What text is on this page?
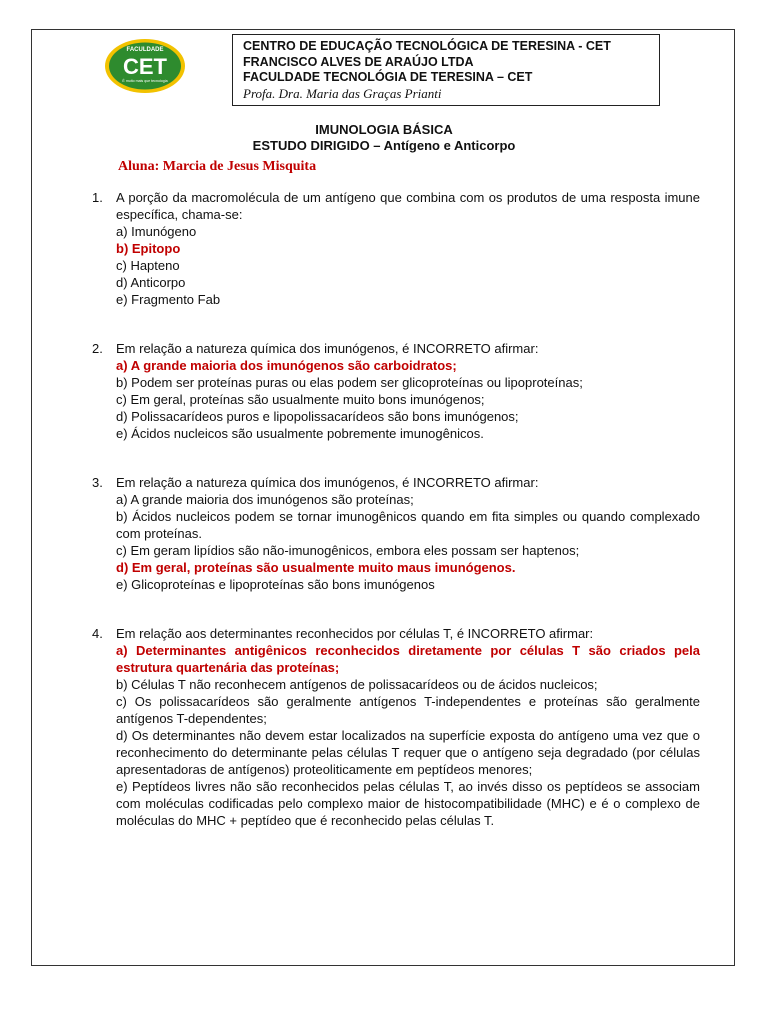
FACULDADE
CET
É muito mais que tecnologia
CENTRO DE EDUCAÇÃO TECNOLÓGICA DE TERESINA - CET
FRANCISCO ALVES DE ARAÚJO LTDA
FACULDADE TECNOLÓGIA DE TERESINA – CET
Profa. Dra. Maria das Graças Prianti
IMUNOLOGIA BÁSICA
ESTUDO DIRIGIDO – Antígeno e Anticorpo
Aluna: Marcia de Jesus Misquita
1. A porção da macromolécula de um antígeno que combina com os produtos de uma resposta imune específica, chama-se:
a) Imunógeno
b) Epitopo
c) Hapteno
d) Anticorpo
e) Fragmento Fab
2. Em relação a natureza química dos imunógenos, é INCORRETO afirmar:
a) A grande maioria dos imunógenos são carboidratos;
b) Podem ser proteínas puras ou elas podem ser glicoproteínas ou lipoproteínas;
c) Em geral, proteínas são usualmente muito bons imunógenos;
d) Polissacarídeos puros e lipopolissacarídeos são bons imunógenos;
e) Ácidos nucleicos são usualmente pobremente imunogênicos.
3. Em relação a natureza química dos imunógenos, é INCORRETO afirmar:
a) A grande maioria dos imunógenos são proteínas;
b) Ácidos nucleicos podem se tornar imunogênicos quando em fita simples ou quando complexado com proteínas.
c) Em geram lipídios são não-imunogênicos, embora eles possam ser haptenos;
d) Em geral, proteínas são usualmente muito maus imunógenos.
e) Glicoproteínas e lipoproteínas são bons imunógenos
4. Em relação aos determinantes reconhecidos por células T, é INCORRETO afirmar:
a) Determinantes antigênicos reconhecidos diretamente por células T são criados pela estrutura quartenária das proteínas;
b) Células T não reconhecem antígenos de polissacarídeos ou de ácidos nucleicos;
c) Os polissacarídeos são geralmente antígenos T-independentes e proteínas são geralmente antígenos T-dependentes;
d) Os determinantes não devem estar localizados na superfície exposta do antígeno uma vez que o reconhecimento do determinante pelas células T requer que o antígeno seja degradado (por células apresentadoras de antígenos) proteoliticamente em peptídeos menores;
e) Peptídeos livres não são reconhecidos pelas células T, ao invés disso os peptídeos se associam com moléculas codificadas pelo complexo maior de histocompatibilidade (MHC) e é o complexo de moléculas do MHC + peptídeo que é reconhecido pelas células T.
